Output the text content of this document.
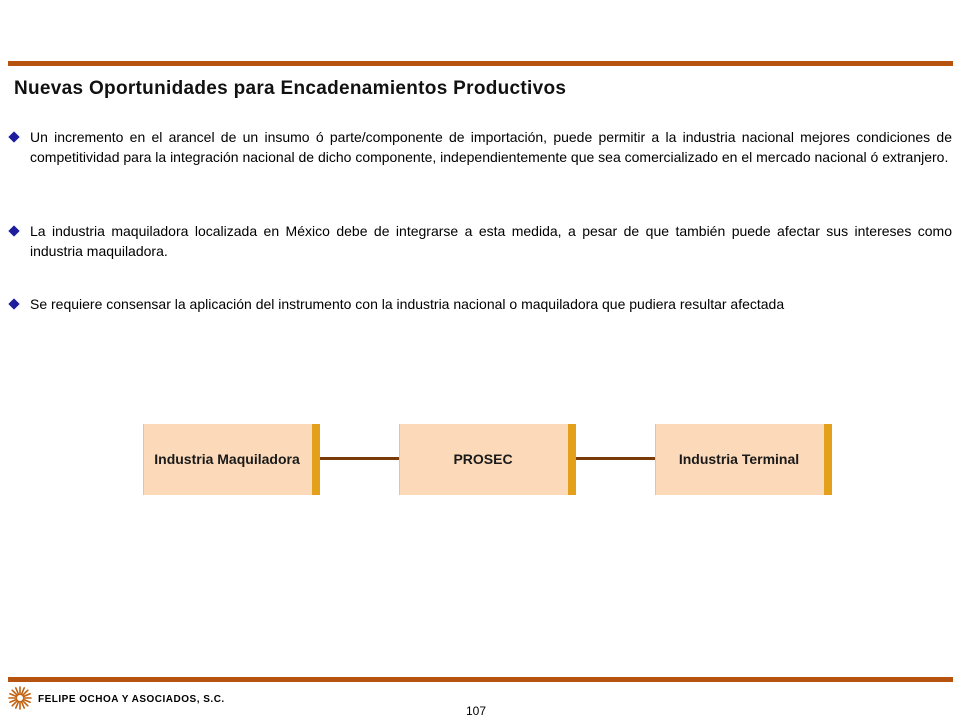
Nuevas Oportunidades para Encadenamientos Productivos
Un incremento en el arancel de un insumo ó parte/componente de importación, puede permitir a la industria nacional mejores condiciones de competitividad para la integración nacional de dicho componente, independientemente que sea comercializado en el mercado nacional ó extranjero.
La industria maquiladora localizada en México debe de integrarse a esta medida, a pesar de que también puede afectar sus intereses como industria maquiladora.
Se requiere consensar la aplicación del instrumento con la industria nacional o maquiladora que pudiera resultar afectada
Industria Maquiladora	PROSEC	Industria Terminal
FELIPE OCHOA Y ASOCIADOS, S.C.
107
